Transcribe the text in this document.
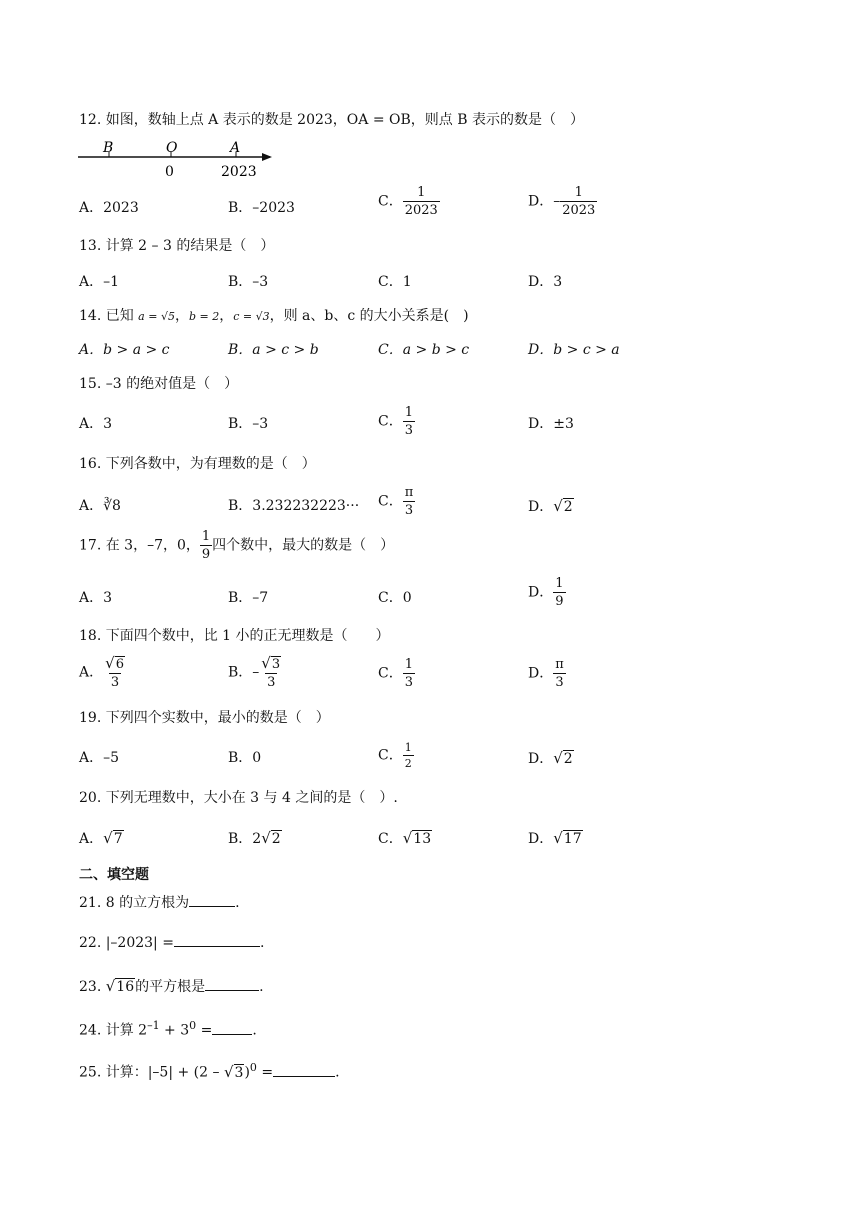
12. 如图，数轴上点 A 表示的数是 2023，OA = OB，则点 B 表示的数是（　）
B	O	A
0	2023
A．2023	B．–2023	C． $\frac{1}{2023}$	D．– $\frac{1}{2023}$
13. 计算 2 – 3 的结果是（　）
A．–1	B．–3	C．1	D．3
14. 已知 a = √5，b = 2，c = √3，则 a、b、c 的大小关系是(　)
A．b > a > c	B．a > c > b	C．a > b > c	D．b > c > a
15. –3 的绝对值是（　）
A．3	B．–3	C． $\frac{1}{3}$	D．±3
16. 下列各数中，为有理数的是（　）
A．∛8	B．3.232232223··· C． $\frac{\pi}{3}$	D．√2
17. 在 3，–7，0， $\frac{1}{9}$ 四个数中，最大的数是（　）
A．3	B．–7	C．0	D． $\frac{1}{9}$
18. 下面四个数中，比 1 小的正无理数是（　　）
A． $\frac{√6}{3}$	B．– $\frac{√3}{3}$	C． $\frac{1}{3}$	D． $\frac{\pi}{3}$
19. 下列四个实数中，最小的数是（　）
A．–5	B．0	C． $\frac{1}{2}$	D．√2
20. 下列无理数中，大小在 3 与 4 之间的是（　）.
A．√7	B．2√2	C．√13	D．√17
二、填空题
21. 8 的立方根为	.
22. |–2023| =	.
23. √16的平方根是	.
24. 计算 $2^{-1} + 3^0$ =	.
25. 计算：|–5| + (2 – √3)$^0$ =	.
